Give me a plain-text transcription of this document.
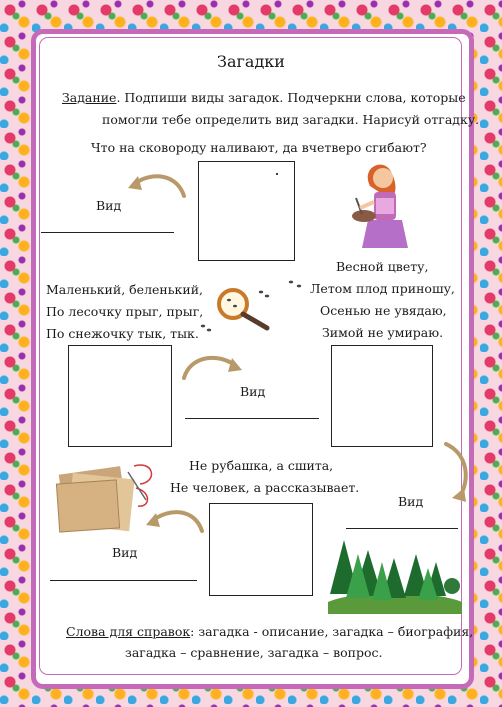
Загадки
Задание. Подпиши виды загадок. Подчеркни слова, которые
помогли тебе определить вид загадки. Нарисуй отгадку.
Что на сковороду наливают, да вчетверо сгибают?
Вид
Маленький, беленький,
По лесочку прыг, прыг,
По снежочку тык, тык.
Весной цвету,
Летом плод приношу,
Осенью не увядаю,
Зимой не умираю.
Вид
Не рубашка, а сшита,
Не человек, а рассказывает.
Вид
Вид
Слова для справок: загадка - описание, загадка – биография,
загадка – сравнение, загадка – вопрос.
